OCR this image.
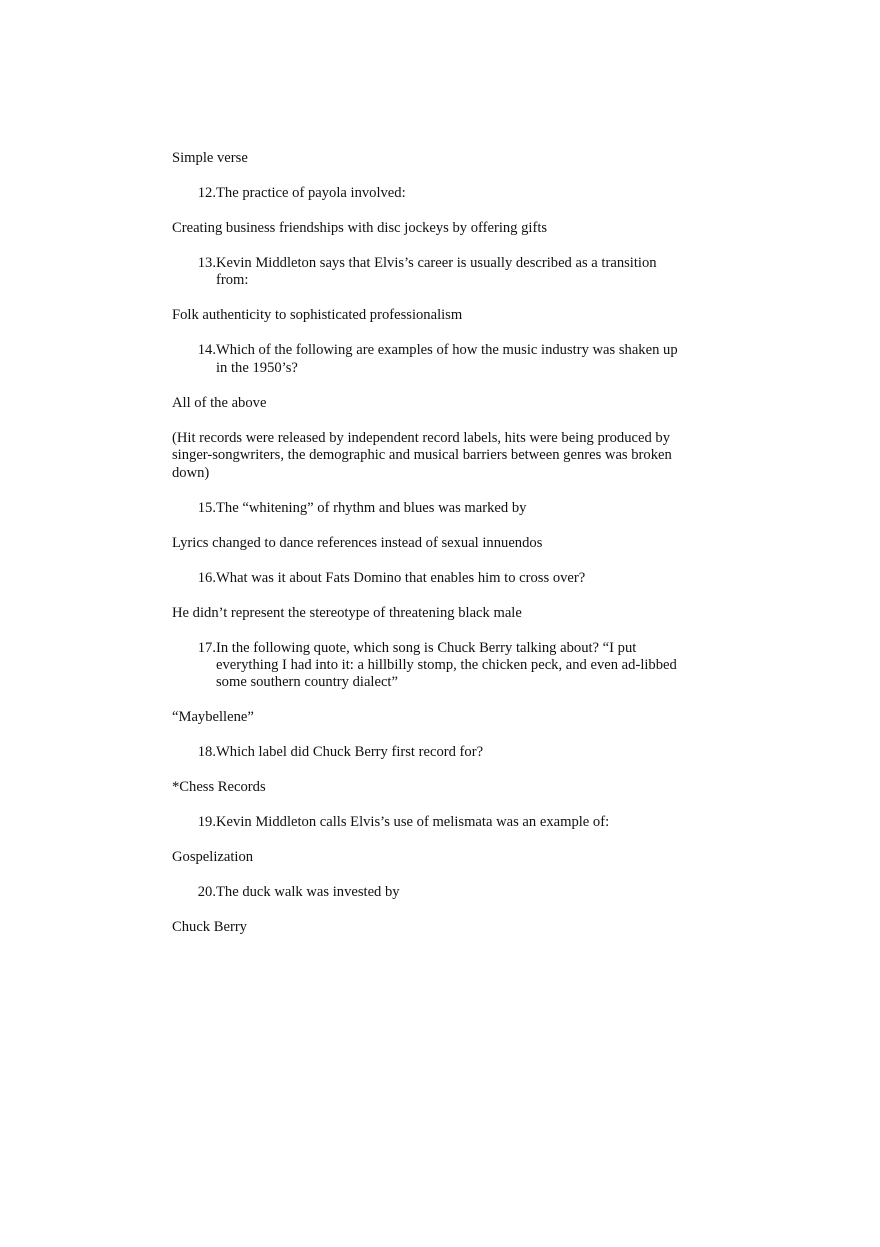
Simple verse

12. The practice of payola involved:

Creating business friendships with disc jockeys by offering gifts

13. Kevin Middleton says that Elvis’s career is usually described as a transition from:

Folk authenticity to sophisticated professionalism

14. Which of the following are examples of how the music industry was shaken up in the 1950’s?

All of the above

(Hit records were released by independent record labels, hits were being produced by singer-songwriters, the demographic and musical barriers between genres was broken down)

15. The “whitening” of rhythm and blues was marked by

Lyrics changed to dance references instead of sexual innuendos

16. What was it about Fats Domino that enables him to cross over?

He didn’t represent the stereotype of threatening black male

17. In the following quote, which song is Chuck Berry talking about? “I put everything I had into it: a hillbilly stomp, the chicken peck, and even ad-libbed some southern country dialect”

“Maybellene”

18. Which label did Chuck Berry first record for?

*Chess Records

19. Kevin Middleton calls Elvis’s use of melismata was an example of:

Gospelization

20. The duck walk was invested by

Chuck Berry
